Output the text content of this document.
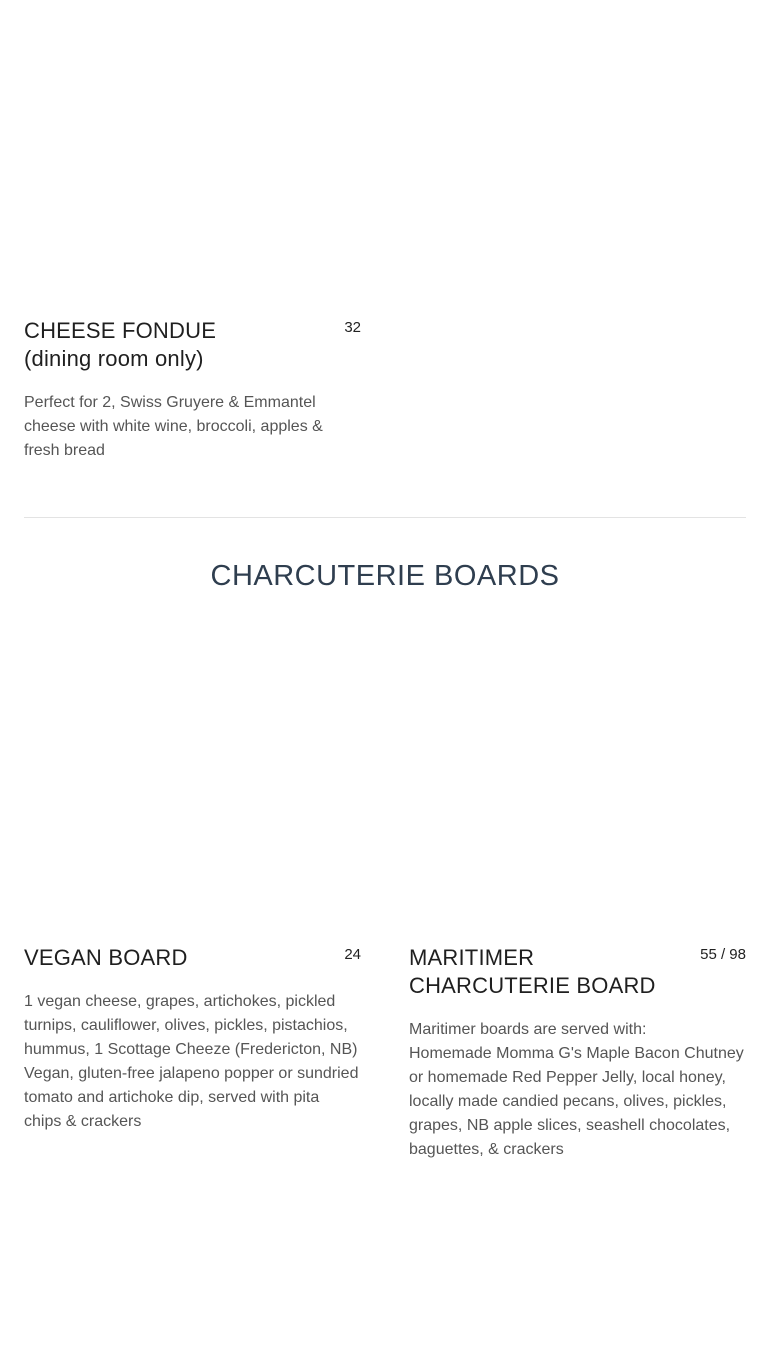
CHEESE FONDUE
(dining room only)
32
Perfect for 2, Swiss Gruyere & Emmantel cheese with white wine, broccoli, apples & fresh bread
CHARCUTERIE BOARDS
VEGAN BOARD	24
1 vegan cheese, grapes, artichokes, pickled turnips, cauliflower, olives, pickles, pistachios, hummus, 1 Scottage Cheeze (Fredericton, NB) Vegan, gluten-free jalapeno popper or sundried tomato and artichoke dip, served with pita chips & crackers
MARITIMER CHARCUTERIE BOARD
55 / 98
Maritimer boards are served with:
Homemade Momma G's Maple Bacon Chutney or homemade Red Pepper Jelly, local honey, locally made candied pecans, olives, pickles, grapes, NB apple slices, seashell chocolates, baguettes, & crackers
